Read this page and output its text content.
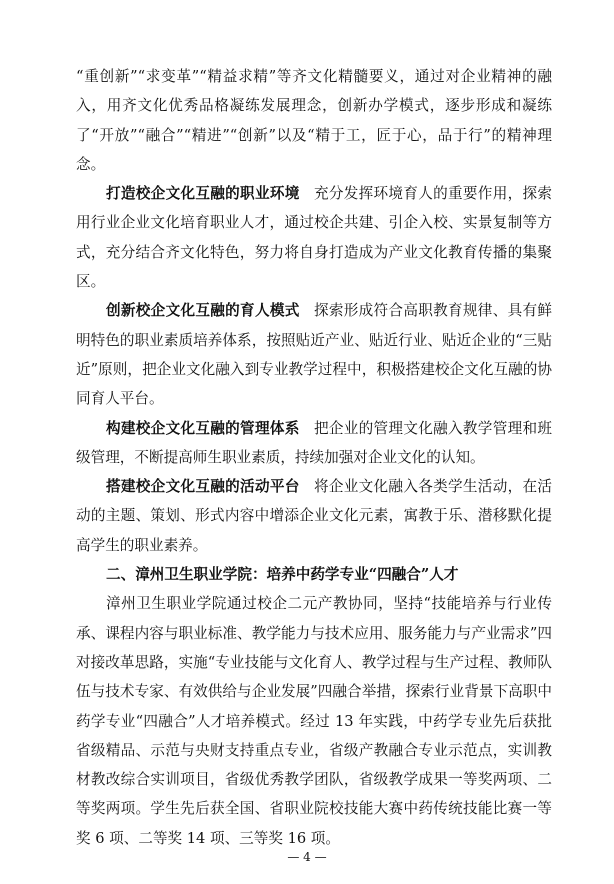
“重创新”“求变革”“精益求精”等齐文化精髓要义，通过对企业精神的融入，用齐文化优秀品格凝练发展理念，创新办学模式，逐步形成和凝练了“开放”“融合”“精进”“创新”以及“精于工，匠于心，品于行”的精神理念。

打造校企文化互融的职业环境 充分发挥环境育人的重要作用，探索用行业企业文化培育职业人才，通过校企共建、引企入校、实景复制等方式，充分结合齐文化特色，努力将自身打造成为产业文化教育传播的集聚区。

创新校企文化互融的育人模式 探索形成符合高职教育规律、具有鲜明特色的职业素质培养体系，按照贴近产业、贴近行业、贴近企业的“三贴近”原则，把企业文化融入到专业教学过程中，积极搭建校企文化互融的协同育人平台。

构建校企文化互融的管理体系 把企业的管理文化融入教学管理和班级管理，不断提高师生职业素质，持续加强对企业文化的认知。

搭建校企文化互融的活动平台 将企业文化融入各类学生活动，在活动的主题、策划、形式内容中增添企业文化元素，寓教于乐、潜移默化提高学生的职业素养。

二、漳州卫生职业学院：培养中药学专业“四融合”人才

漳州卫生职业学院通过校企二元产教协同，坚持“技能培养与行业传承、课程内容与职业标准、教学能力与技术应用、服务能力与产业需求”四对接改革思路，实施“专业技能与文化育人、教学过程与生产过程、教师队伍与技术专家、有效供给与企业发展”四融合举措，探索行业背景下高职中药学专业“四融合”人才培养模式。经过 13 年实践，中药学专业先后获批省级精品、示范与央财支持重点专业，省级产教融合专业示范点，实训教材教改综合实训项目，省级优秀教学团队，省级教学成果一等奖两项、二等奖两项。学生先后获全国、省职业院校技能大赛中药传统技能比赛一等奖 6 项、二等奖 14 项、三等奖 16 项。

— 4 —
